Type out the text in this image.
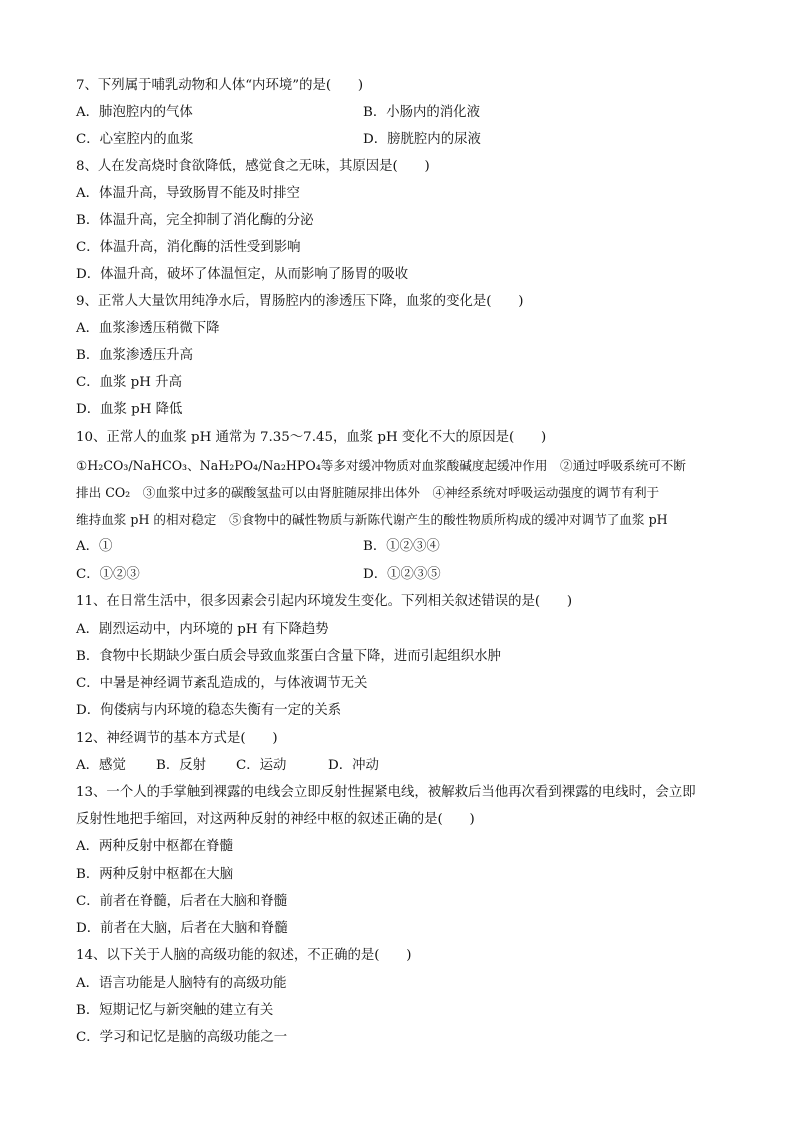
7、下列属于哺乳动物和人体“内环境”的是(　　)
A．肺泡腔内的气体	B．小肠内的消化液
C．心室腔内的血浆	D．膀胱腔内的尿液
8、人在发高烧时食欲降低，感觉食之无味，其原因是(　　)
A．体温升高，导致肠胃不能及时排空
B．体温升高，完全抑制了消化酶的分泌
C．体温升高，消化酶的活性受到影响
D．体温升高，破坏了体温恒定，从而影响了肠胃的吸收
9、正常人大量饮用纯净水后，胃肠腔内的渗透压下降，血浆的变化是(　　)
A．血浆渗透压稍微下降
B．血浆渗透压升高
C．血浆 pH 升高
D．血浆 pH 降低
10、正常人的血浆 pH 通常为 7.35～7.45，血浆 pH 变化不大的原因是(　　)
①H₂CO₃/NaHCO₃、NaH₂PO₄/Na₂HPO₄等多对缓冲物质对血浆酸碱度起缓冲作用　②通过呼吸系统可不断
排出 CO₂　③血浆中过多的碳酸氢盐可以由肾脏随尿排出体外　④神经系统对呼吸运动强度的调节有利于
维持血浆 pH 的相对稳定　⑤食物中的碱性物质与新陈代谢产生的酸性物质所构成的缓冲对调节了血浆 pH
A．①	B．①②③④
C．①②③	D．①②③⑤
11、在日常生活中，很多因素会引起内环境发生变化。下列相关叙述错误的是(　　)
A．剧烈运动中，内环境的 pH 有下降趋势
B．食物中长期缺少蛋白质会导致血浆蛋白含量下降，进而引起组织水肿
C．中暑是神经调节紊乱造成的，与体液调节无关
D．佝偻病与内环境的稳态失衡有一定的关系
12、神经调节的基本方式是(　　)
A．感觉 B．反射 C．运动	D．冲动
13、一个人的手掌触到裸露的电线会立即反射性握紧电线，被解救后当他再次看到裸露的电线时，会立即
反射性地把手缩回，对这两种反射的神经中枢的叙述正确的是(　　)
A．两种反射中枢都在脊髓
B．两种反射中枢都在大脑
C．前者在脊髓，后者在大脑和脊髓
D．前者在大脑，后者在大脑和脊髓
14、以下关于人脑的高级功能的叙述，不正确的是(　　)
A．语言功能是人脑特有的高级功能
B．短期记忆与新突触的建立有关
C．学习和记忆是脑的高级功能之一
